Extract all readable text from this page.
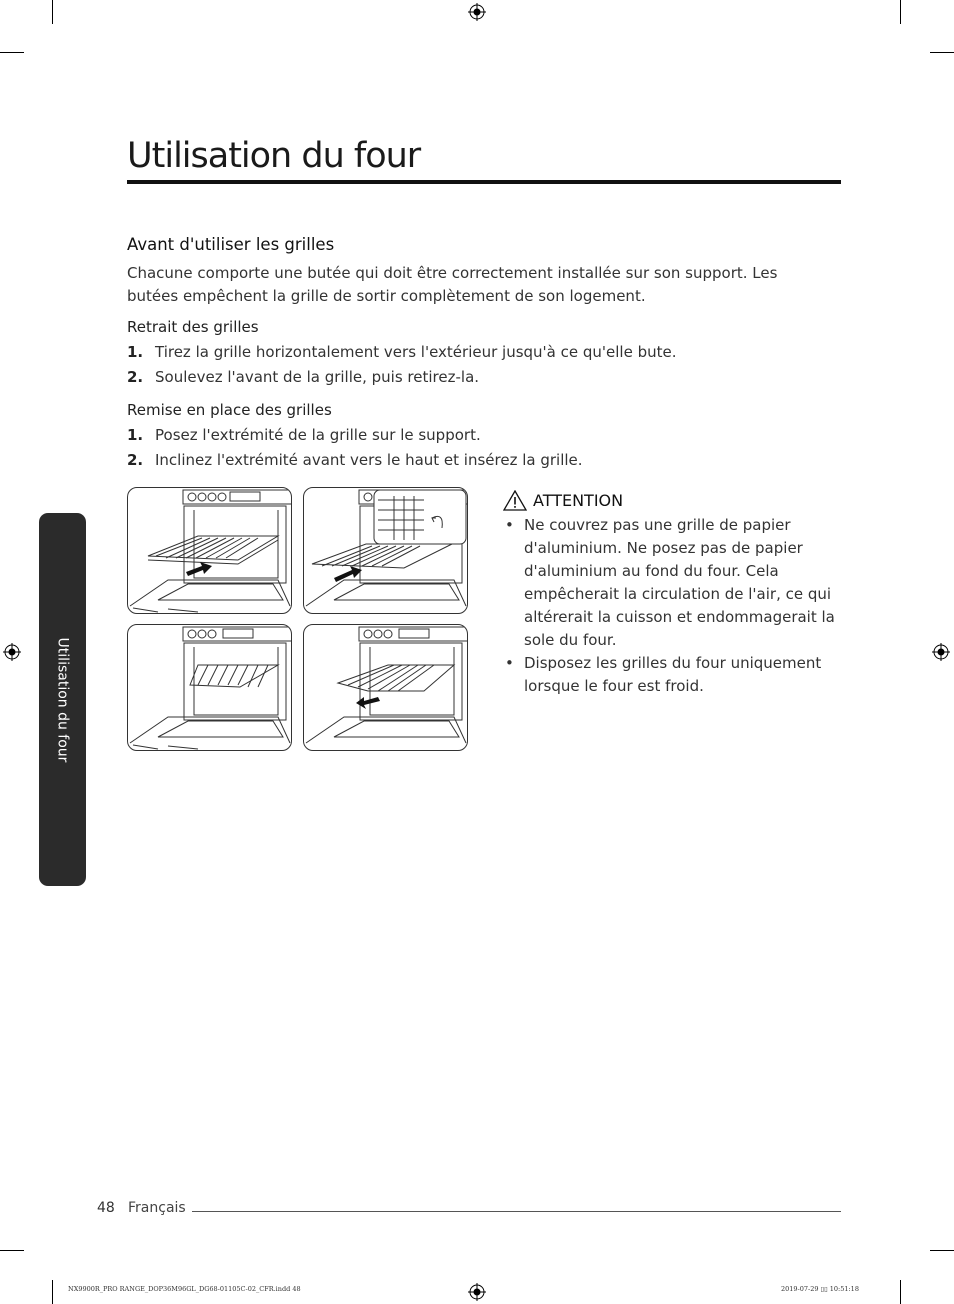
Utilisation du four
Utilisation du four
Avant d'utiliser les grilles
Chacune comporte une butée qui doit être correctement installée sur son support. Les butées empêchent la grille de sortir complètement de son logement.
Retrait des grilles
1. Tirez la grille horizontalement vers l'extérieur jusqu'à ce qu'elle bute.
2. Soulevez l'avant de la grille, puis retirez-la.
Remise en place des grilles
1. Posez l'extrémité de la grille sur le support.
2. Inclinez l'extrémité avant vers le haut et insérez la grille.
ATTENTION
• Ne couvrez pas une grille de papier d'aluminium. Ne posez pas de papier d'aluminium au fond du four. Cela empêcherait la circulation de l'air, ce qui altérerait la cuisson et endommagerait la sole du four.
• Disposez les grilles du four uniquement lorsque le four est froid.
48 Français
NX9900R_PRO RANGE_DOP36M96GL_DG68-01105C-02_CFR.indd 48	2019-07-29 ▯▯ 10:51:18
